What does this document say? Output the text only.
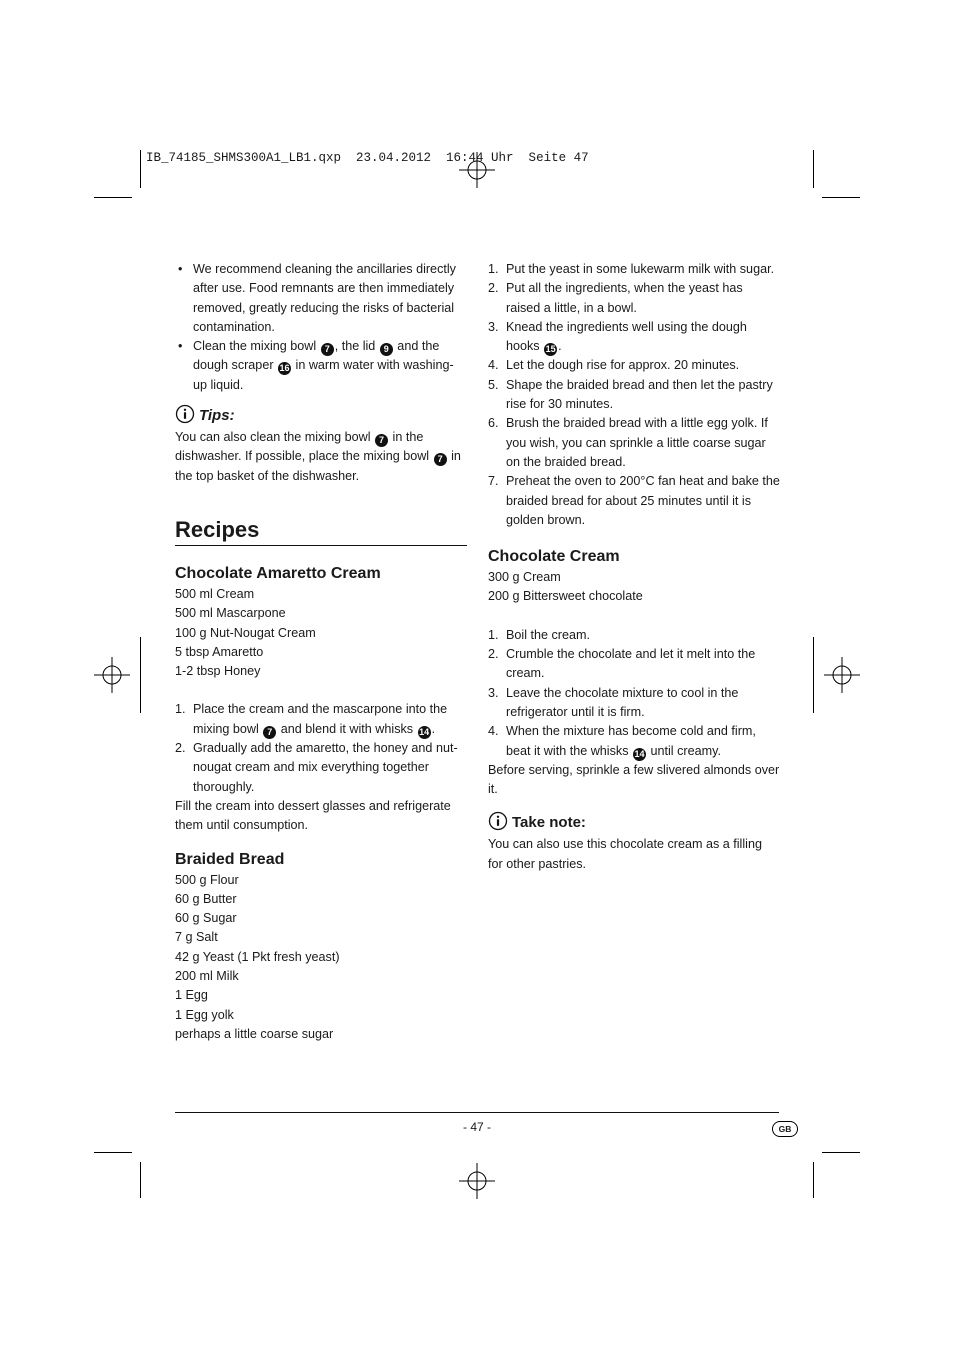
IB_74185_SHMS300A1_LB1.qxp  23.04.2012  16:44 Uhr  Seite 47
• We recommend cleaning the ancillaries directly after use. Food remnants are then immediately removed, greatly reducing the risks of bacterial contamination.
• Clean the mixing bowl 7 , the lid 9 and the dough scraper 16 in warm water with washing-up liquid.
Tips:

You can also clean the mixing bowl 7 in the dishwasher. If possible, place the mixing bowl 7 in the top basket of the dishwasher.

Recipes
Chocolate Amaretto Cream

500 ml Cream

500 ml Mascarpone

100 g Nut-Nougat Cream

5 tbsp Amaretto

1-2 tbsp Honey

1. Place the cream and the mascarpone into the mixing bowl 7 and blend it with whisks 14 .
2. Gradually add the amaretto, the honey and nut-nougat cream and mix everything together thoroughly.

Fill the cream into dessert glasses and refrigerate them until consumption.

Braided Bread

500 g Flour

60 g Butter

60 g Sugar

7 g Salt

42 g Yeast (1 Pkt fresh yeast)

200 ml Milk

1 Egg

1 Egg yolk

perhaps a little coarse sugar

1. Put the yeast in some lukewarm milk with sugar.
2. Put all the ingredients, when the yeast has raised a little, in a bowl.
3. Knead the ingredients well using the dough hooks 15 .
4. Let the dough rise for approx. 20 minutes.
5. Shape the braided bread and then let the pastry rise for 30 minutes.
6. Brush the braided bread with a little egg yolk. If you wish, you can sprinkle a little coarse sugar on the braided bread.
7. Preheat the oven to 200°C fan heat and bake the braided bread for about 25 minutes until it is golden brown.
Chocolate Cream

300 g Cream

200 g Bittersweet chocolate

1. Boil the cream.
2. Crumble the chocolate and let it melt into the cream.
3. Leave the chocolate mixture to cool in the refrigerator until it is firm.
4. When the mixture has become cold and firm, beat it with the whisks 14 until creamy.

Before serving, sprinkle a few slivered almonds over it.

Take note:

You can also use this chocolate cream as a filling for other pastries.

- 47 -	GB
